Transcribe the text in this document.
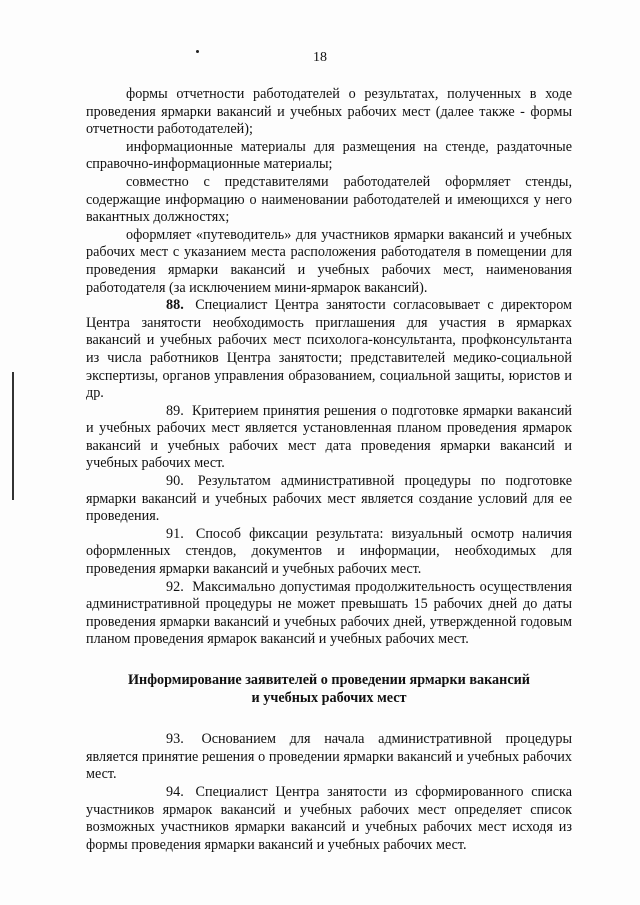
18

формы отчетности работодателей о результатах, полученных в ходе проведения ярмарки вакансий и учебных рабочих мест (далее также - формы отчетности работодателей);

информационные материалы для размещения на стенде, раздаточные справочно-информационные материалы;

совместно с представителями работодателей оформляет стенды, содержащие информацию о наименовании работодателей и имеющихся у него вакантных должностях;

оформляет «путеводитель» для участников ярмарки вакансий и учебных рабочих мест с указанием места расположения работодателя в помещении для проведения ярмарки вакансий и учебных рабочих мест, наименования работодателя (за исключением мини-ярмарок вакансий).

88. Специалист Центра занятости согласовывает с директором Центра занятости необходимость приглашения для участия в ярмарках вакансий и учебных рабочих мест психолога-консультанта, профконсультанта из числа работников Центра занятости; представителей медико-социальной экспертизы, органов управления образованием, социальной защиты, юристов и др.

89. Критерием принятия решения о подготовке ярмарки вакансий и учебных рабочих мест является установленная планом проведения ярмарок вакансий и учебных рабочих мест дата проведения ярмарки вакансий и учебных рабочих мест.

90. Результатом административной процедуры по подготовке ярмарки вакансий и учебных рабочих мест является создание условий для ее проведения.

91. Способ фиксации результата: визуальный осмотр наличия оформленных стендов, документов и информации, необходимых для проведения ярмарки вакансий и учебных рабочих мест.

92. Максимально допустимая продолжительность осуществления административной процедуры не может превышать 15 рабочих дней до даты проведения ярмарки вакансий и учебных рабочих дней, утвержденной годовым планом проведения ярмарок вакансий и учебных рабочих мест.

Информирование заявителей о проведении ярмарки вакансий
и учебных рабочих мест

93. Основанием для начала административной процедуры является принятие решения о проведении ярмарки вакансий и учебных рабочих мест.

94. Специалист Центра занятости из сформированного списка участников ярмарок вакансий и учебных рабочих мест определяет список возможных участников ярмарки вакансий и учебных рабочих мест исходя из формы проведения ярмарки вакансий и учебных рабочих мест.
